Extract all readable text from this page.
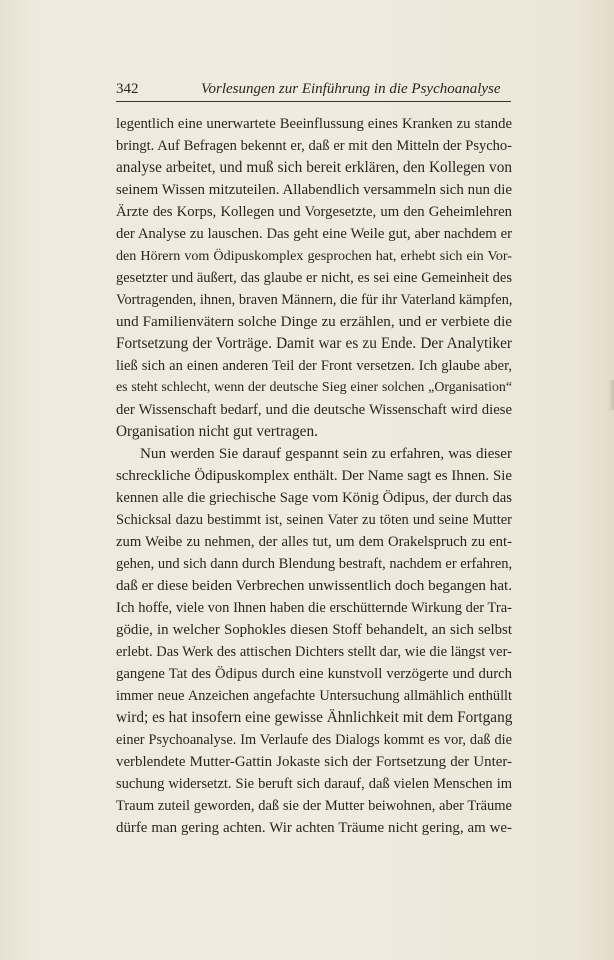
342	Vorlesungen zur Einführung in die Psychoanalyse
legentlich eine unerwartete Beeinflussung eines Kranken zu stande
bringt. Auf Befragen bekennt er, daß er mit den Mitteln der Psycho-
analyse arbeitet, und muß sich bereit erklären, den Kollegen von
seinem Wissen mitzuteilen. Allabendlich versammeln sich nun die
Ärzte des Korps, Kollegen und Vorgesetzte, um den Geheimlehren
der Analyse zu lauschen. Das geht eine Weile gut, aber nachdem er
den Hörern vom Ödipuskomplex gesprochen hat, erhebt sich ein Vor-
gesetzter und äußert, das glaube er nicht, es sei eine Gemeinheit des
Vortragenden, ihnen, braven Männern, die für ihr Vaterland kämpfen,
und Familienvätern solche Dinge zu erzählen, und er verbiete die
Fortsetzung der Vorträge. Damit war es zu Ende. Der Analytiker
ließ sich an einen anderen Teil der Front versetzen. Ich glaube aber,
es steht schlecht, wenn der deutsche Sieg einer solchen „Organisation“
der Wissenschaft bedarf, und die deutsche Wissenschaft wird diese
Organisation nicht gut vertragen.
Nun werden Sie darauf gespannt sein zu erfahren, was dieser
schreckliche Ödipuskomplex enthält. Der Name sagt es Ihnen. Sie
kennen alle die griechische Sage vom König Ödipus, der durch das
Schicksal dazu bestimmt ist, seinen Vater zu töten und seine Mutter
zum Weibe zu nehmen, der alles tut, um dem Orakelspruch zu ent-
gehen, und sich dann durch Blendung bestraft, nachdem er erfahren,
daß er diese beiden Verbrechen unwissentlich doch begangen hat.
Ich hoffe, viele von Ihnen haben die erschütternde Wirkung der Tra-
gödie, in welcher Sophokles diesen Stoff behandelt, an sich selbst
erlebt. Das Werk des attischen Dichters stellt dar, wie die längst ver-
gangene Tat des Ödipus durch eine kunstvoll verzögerte und durch
immer neue Anzeichen angefachte Untersuchung allmählich enthüllt
wird; es hat insofern eine gewisse Ähnlichkeit mit dem Fortgang
einer Psychoanalyse. Im Verlaufe des Dialogs kommt es vor, daß die
verblendete Mutter-Gattin Jokaste sich der Fortsetzung der Unter-
suchung widersetzt. Sie beruft sich darauf, daß vielen Menschen im
Traum zuteil geworden, daß sie der Mutter beiwohnen, aber Träume
dürfe man gering achten. Wir achten Träume nicht gering, am we-
